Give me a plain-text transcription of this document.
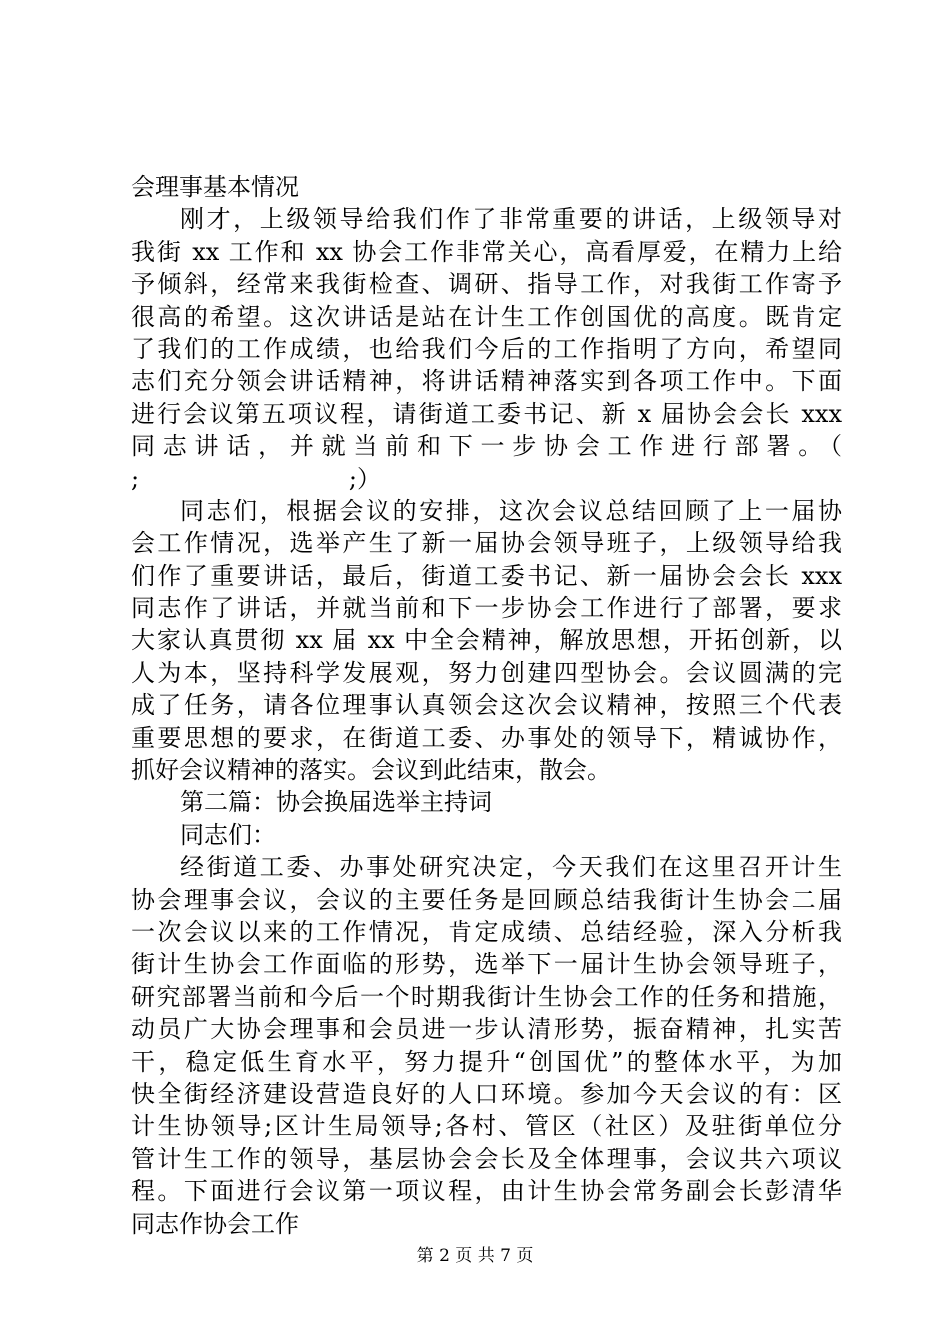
会理事基本情况
刚才，上级领导给我们作了非常重要的讲话，上级领导对
我街 xx 工作和 xx 协会工作非常关心，高看厚爱，在精力上给
予倾斜，经常来我街检查、调研、指导工作，对我街工作寄予
很高的希望。这次讲话是站在计生工作创国优的高度。既肯定
了我们的工作成绩，也给我们今后的工作指明了方向，希望同
志们充分领会讲话精神，将讲话精神落实到各项工作中。下面
进行会议第五项议程，请街道工委书记、新 x 届协会会长 xxx
同志讲话，并就当前和下一步协会工作进行部署。（
;	;）
同志们，根据会议的安排，这次会议总结回顾了上一届协
会工作情况，选举产生了新一届协会领导班子，上级领导给我
们作了重要讲话，最后，街道工委书记、新一届协会会长 xxx
同志作了讲话，并就当前和下一步协会工作进行了部署，要求
大家认真贯彻 xx 届 xx 中全会精神，解放思想，开拓创新，以
人为本，坚持科学发展观，努力创建四型协会。会议圆满的完
成了任务，请各位理事认真领会这次会议精神，按照三个代表
重要思想的要求，在街道工委、办事处的领导下，精诚协作，
抓好会议精神的落实。会议到此结束，散会。
第二篇：协会换届选举主持词
同志们：
经街道工委、办事处研究决定，今天我们在这里召开计生
协会理事会议，会议的主要任务是回顾总结我街计生协会二届
一次会议以来的工作情况，肯定成绩、总结经验，深入分析我
街计生协会工作面临的形势，选举下一届计生协会领导班子，
研究部署当前和今后一个时期我街计生协会工作的任务和措施，
动员广大协会理事和会员进一步认清形势，振奋精神，扎实苦
干，稳定低生育水平，努力提升“创国优”的整体水平，为加
快全街经济建设营造良好的人口环境。参加今天会议的有：区
计生协领导;区计生局领导;各村、管区（社区）及驻街单位分
管计生工作的领导，基层协会会长及全体理事，会议共六项议
程。下面进行会议第一项议程，由计生协会常务副会长彭清华
同志作协会工作
第 2 页 共 7 页
